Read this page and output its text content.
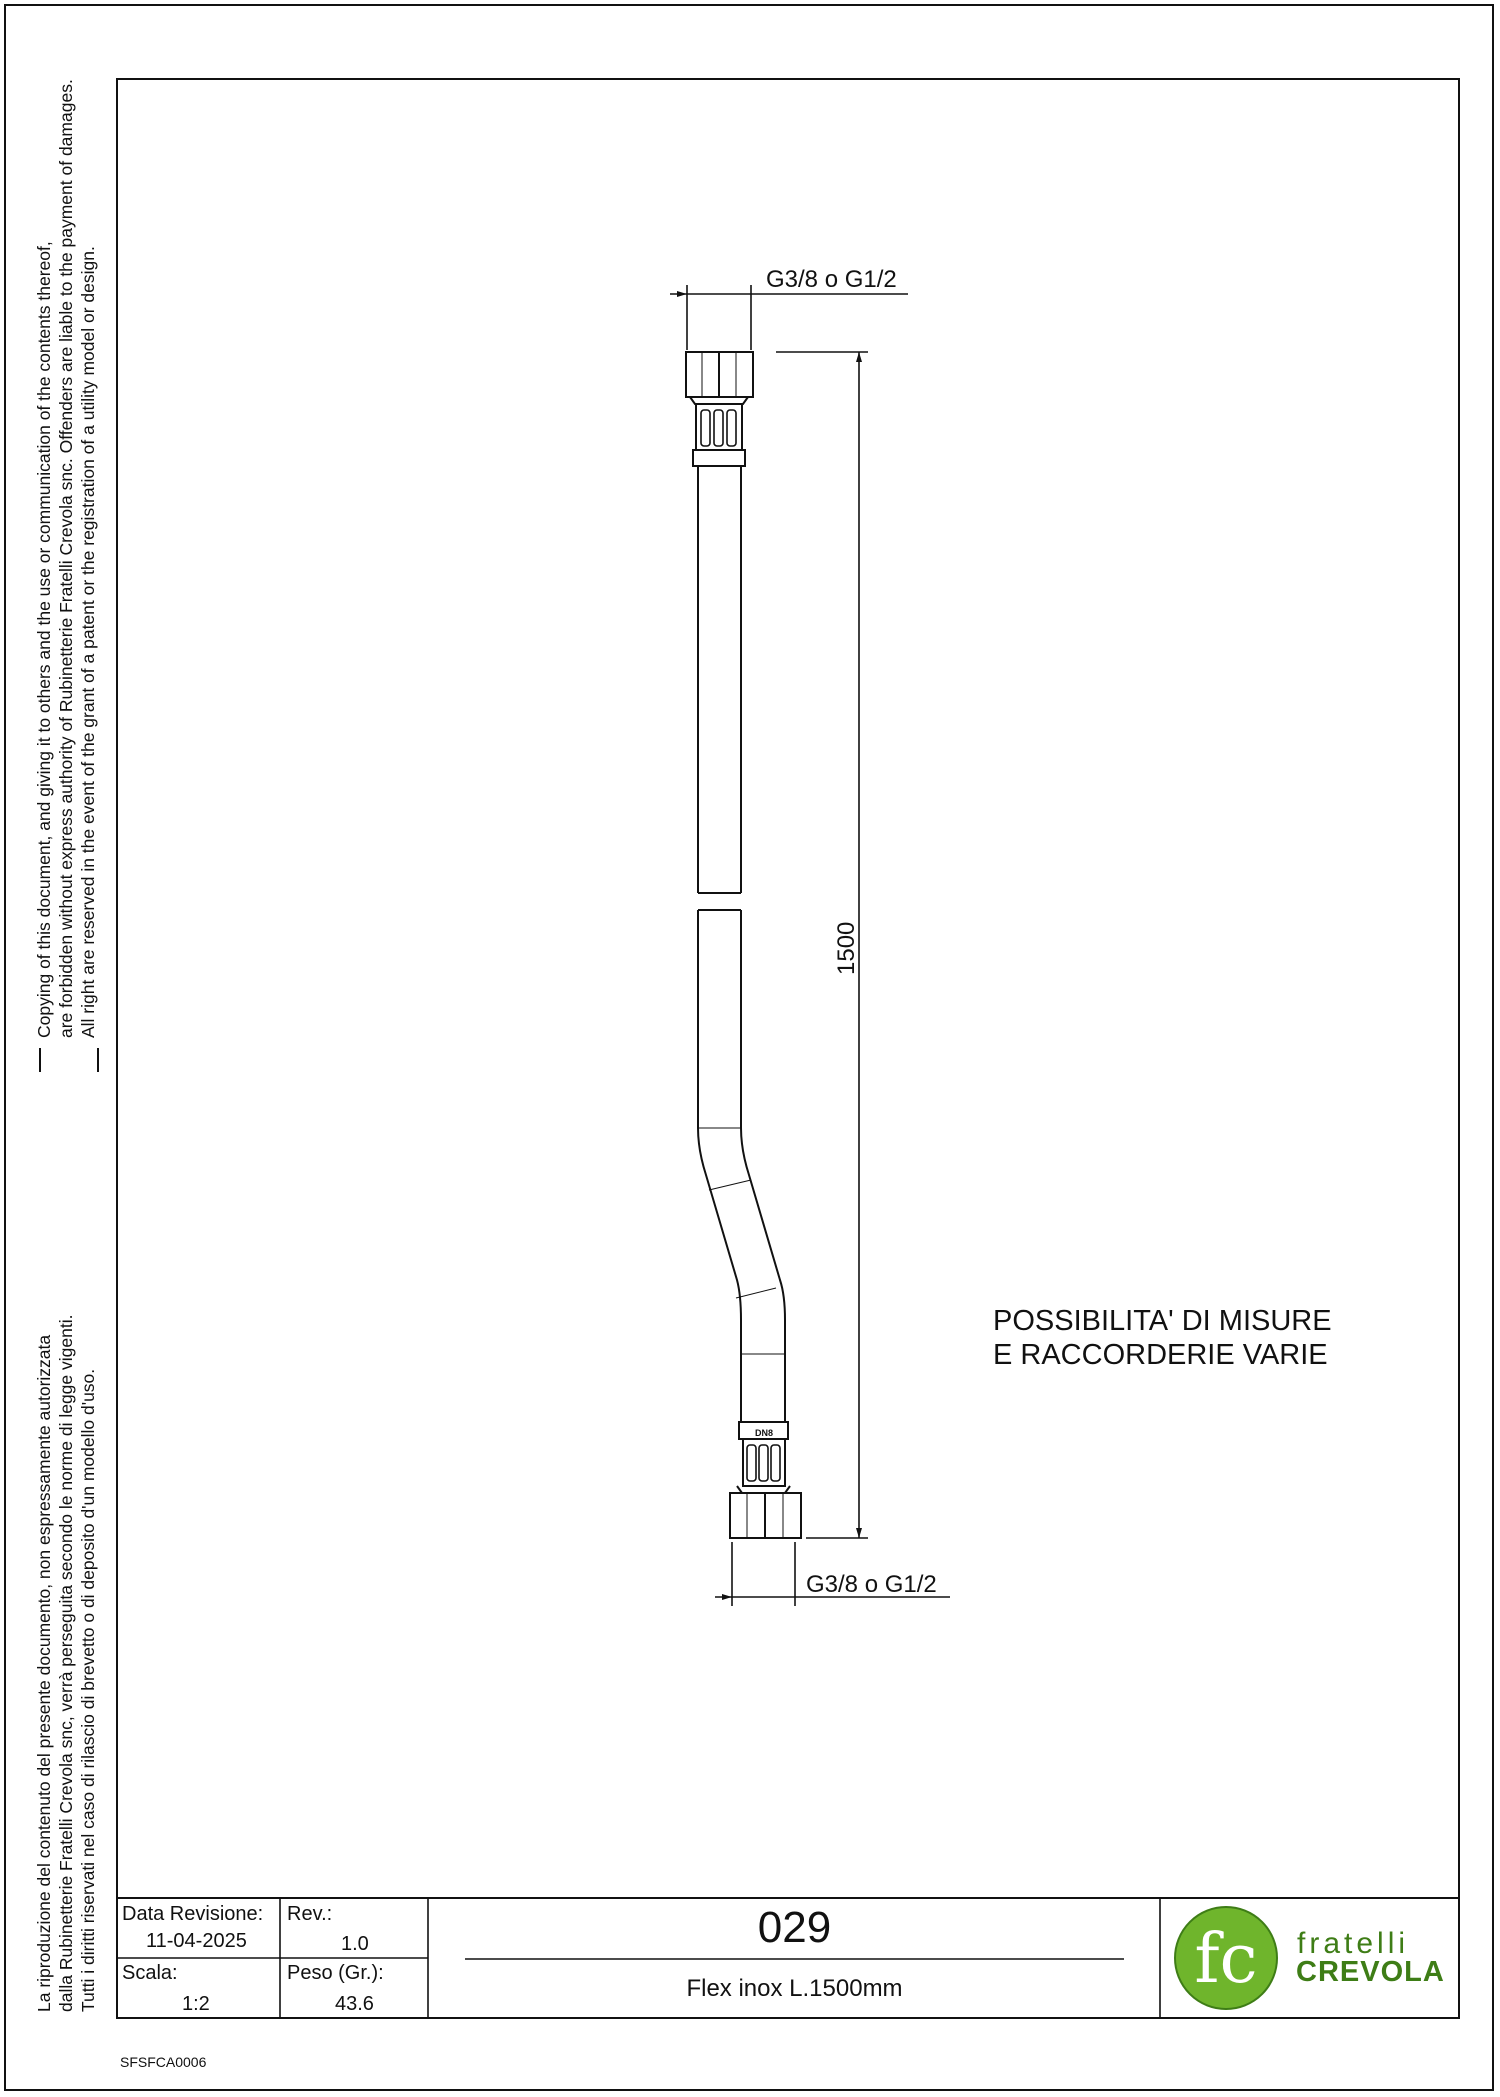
Copying of this document, and giving it to others and the use or communication of the contents thereof, are forbidden without express authority of Rubinetterie Fratelli Crevola snc. Offenders are liable to the payment of damages. All right are reserved in the event of the grant of a patent or the registration of a utility model or design.
La riproduzione del contenuto del presente documento, non espressamente autorizzata dalla Rubinetterie Fratelli Crevola snc, verrà perseguita secondo le norme di legge vigenti. Tutti i diritti riservati nel caso di rilascio di brevetto o di deposito d'un modello d'uso.
G3/8 o G1/2
G3/8 o G1/2
1500
DN8
fc
POSSIBILITA' DI MISURE
E RACCORDERIE VARIE
Data Revisione:
11-04-2025
Rev.:
1.0
Scala:
1:2
Peso (Gr.):
43.6
029
Flex inox L.1500mm
fratelli
CREVOLA
SFSFCA0006
